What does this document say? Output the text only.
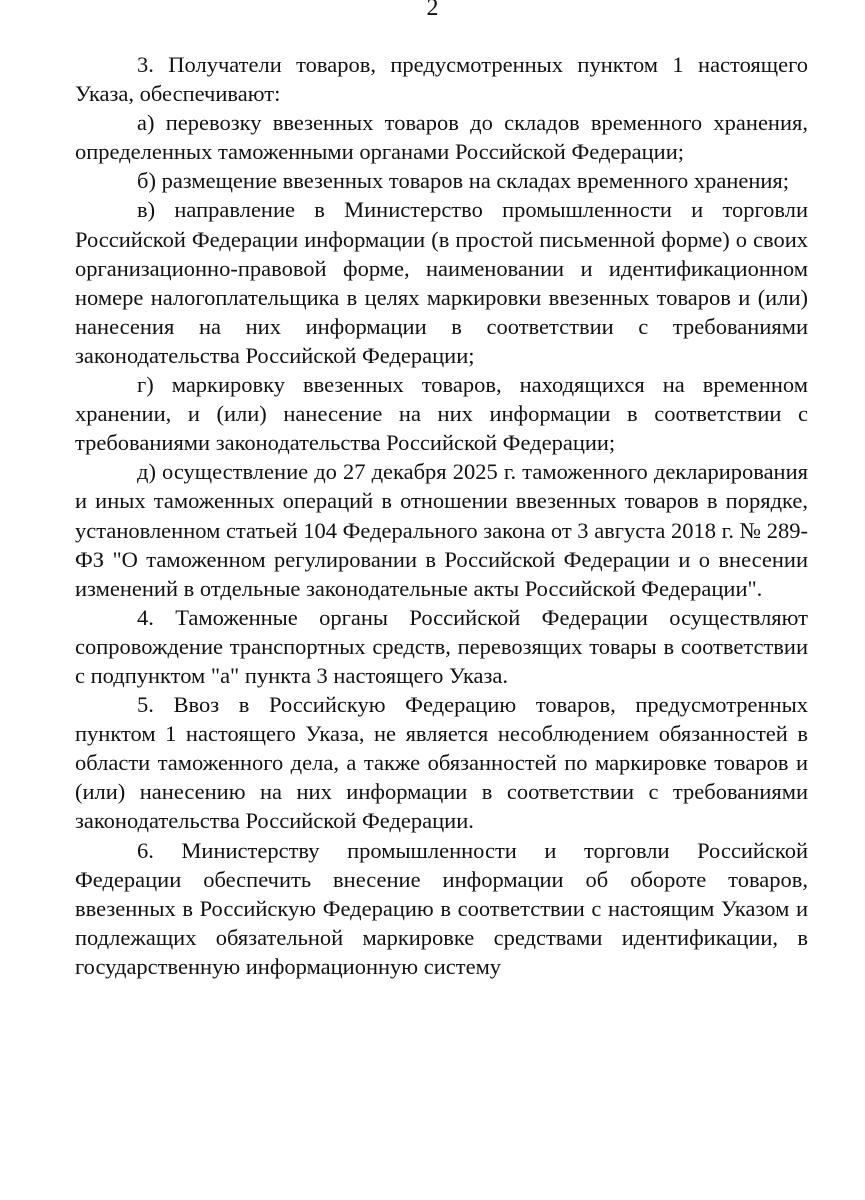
2

3. Получатели товаров, предусмотренных пунктом 1 настоящего Указа, обеспечивают:

а) перевозку ввезенных товаров до складов временного хранения, определенных таможенными органами Российской Федерации;

б) размещение ввезенных товаров на складах временного хранения;

в) направление в Министерство промышленности и торговли Российской Федерации информации (в простой письменной форме) о своих организационно-правовой форме, наименовании и идентификационном номере налогоплательщика в целях маркировки ввезенных товаров и (или) нанесения на них информации в соответствии с требованиями законодательства Российской Федерации;

г) маркировку ввезенных товаров, находящихся на временном хранении, и (или) нанесение на них информации в соответствии с требованиями законодательства Российской Федерации;

д) осуществление до 27 декабря 2025 г. таможенного декларирования и иных таможенных операций в отношении ввезенных товаров в порядке, установленном статьей 104 Федерального закона от 3 августа 2018 г. № 289-ФЗ "О таможенном регулировании в Российской Федерации и о внесении изменений в отдельные законодательные акты Российской Федерации".

4. Таможенные органы Российской Федерации осуществляют сопровождение транспортных средств, перевозящих товары в соответствии с подпунктом "а" пункта 3 настоящего Указа.

5. Ввоз в Российскую Федерацию товаров, предусмотренных пунктом 1 настоящего Указа, не является несоблюдением обязанностей в области таможенного дела, а также обязанностей по маркировке товаров и (или) нанесению на них информации в соответствии с требованиями законодательства Российской Федерации.

6. Министерству промышленности и торговли Российской Федерации обеспечить внесение информации об обороте товаров, ввезенных в Российскую Федерацию в соответствии с настоящим Указом и подлежащих обязательной маркировке средствами идентификации, в государственную информационную систему
